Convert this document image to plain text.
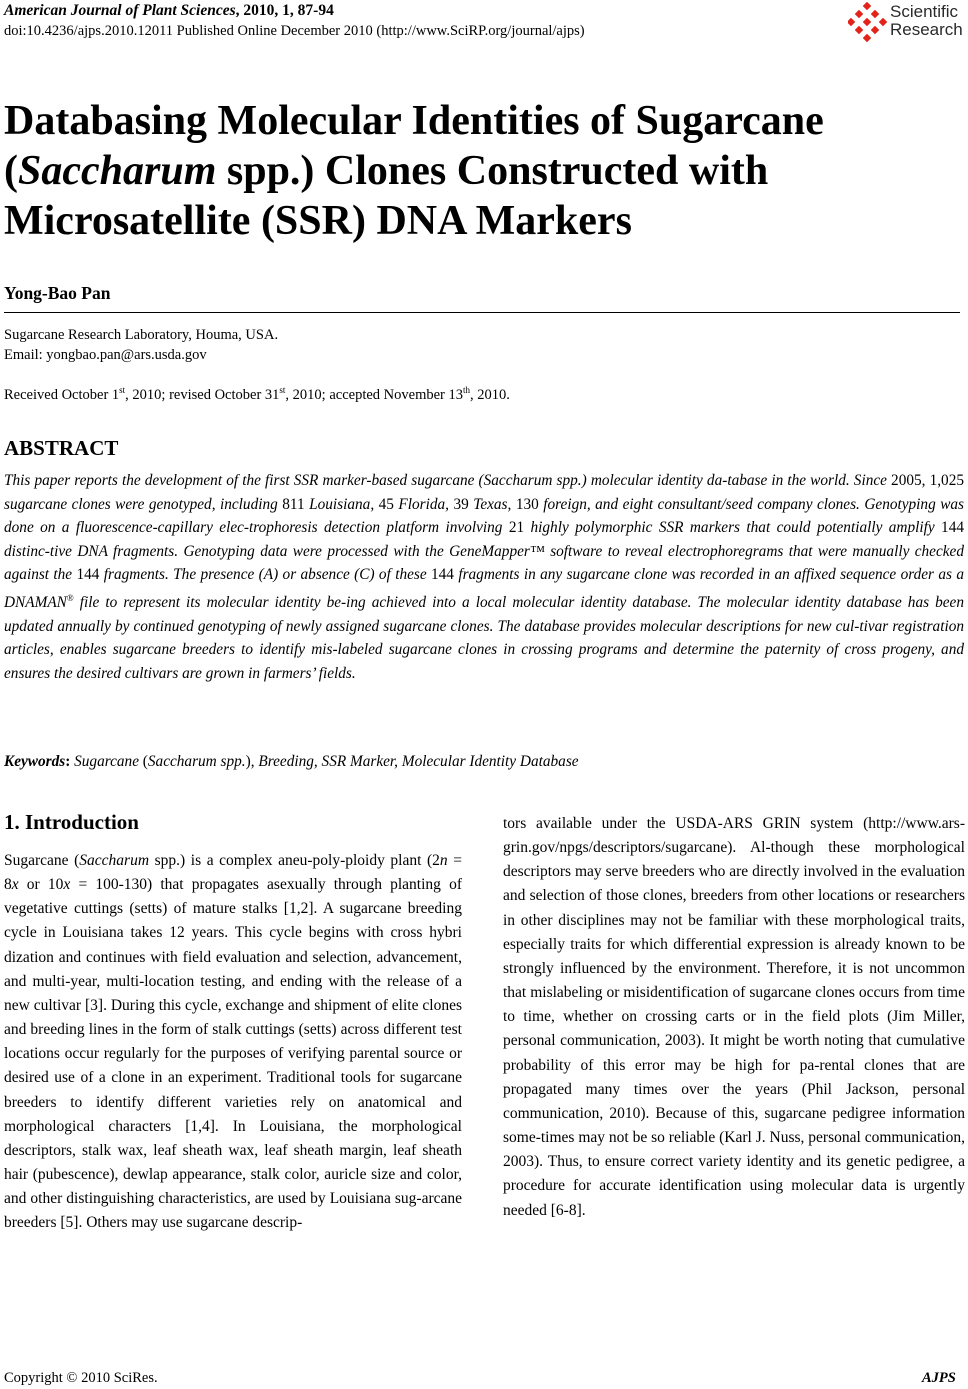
American Journal of Plant Sciences, 2010, 1, 87-94
doi:10.4236/ajps.2010.12011 Published Online December 2010 (http://www.SciRP.org/journal/ajps)
Scientific
Research
Databasing Molecular Identities of Sugarcane (Saccharum spp.) Clones Constructed with Microsatellite (SSR) DNA Markers
Yong-Bao Pan
Sugarcane Research Laboratory, Houma, USA.
Email: yongbao.pan@ars.usda.gov
Received October 1st, 2010; revised October 31st, 2010; accepted November 13th, 2010.
ABSTRACT

This paper reports the development of the first SSR marker-based sugarcane (Saccharum spp.) molecular identity da-tabase in the world. Since 2005, 1,025 sugarcane clones were genotyped, including 811 Louisiana, 45 Florida, 39 Texas, 130 foreign, and eight consultant/seed company clones. Genotyping was done on a fluorescence-capillary elec-trophoresis detection platform involving 21 highly polymorphic SSR markers that could potentially amplify 144 distinc-tive DNA fragments. Genotyping data were processed with the GeneMapper™ software to reveal electrophoregrams that were manually checked against the 144 fragments. The presence (A) or absence (C) of these 144 fragments in any sugarcane clone was recorded in an affixed sequence order as a DNAMAN® file to represent its molecular identity be-ing achieved into a local molecular identity database. The molecular identity database has been updated annually by continued genotyping of newly assigned sugarcane clones. The database provides molecular descriptions for new cul-tivar registration articles, enables sugarcane breeders to identify mis-labeled sugarcane clones in crossing programs and determine the paternity of cross progeny, and ensures the desired cultivars are grown in farmers’ fields.

Keywords: Sugarcane (Saccharum spp.), Breeding, SSR Marker, Molecular Identity Database
1. Introduction

Sugarcane (Saccharum spp.) is a complex aneu-poly-ploidy plant (2n = 8x or 10x = 100-130) that propagates asexually through planting of vegetative cuttings (setts) of mature stalks [1,2]. A sugarcane breeding cycle in Louisiana takes 12 years. This cycle begins with cross hybri dization and continues with field evaluation and selection, advancement, and multi-year, multi-location testing, and ending with the release of a new cultivar [3]. During this cycle, exchange and shipment of elite clones and breeding lines in the form of stalk cuttings (setts) across different test locations occur regularly for the purposes of verifying parental source or desired use of a clone in an experiment. Traditional tools for sugarcane breeders to identify different varieties rely on anatomical and morphological characters [1,4]. In Louisiana, the morphological descriptors, stalk wax, leaf sheath wax, leaf sheath margin, leaf sheath hair (pubescence), dewlap appearance, stalk color, auricle size and color, and other distinguishing characteristics, are used by Louisiana sug-arcane breeders [5]. Others may use sugarcane descrip-

tors available under the USDA-ARS GRIN system (http://www.ars-grin.gov/npgs/descriptors/sugarcane). Al-though these morphological descriptors may serve breeders who are directly involved in the evaluation and selection of those clones, breeders from other locations or researchers in other disciplines may not be familiar with these morphological traits, especially traits for which differential expression is already known to be strongly influenced by the environment. Therefore, it is not uncommon that mislabeling or misidentification of sugarcane clones occurs from time to time, whether on crossing carts or in the field plots (Jim Miller, personal communication, 2003). It might be worth noting that cumulative probability of this error may be high for pa-rental clones that are propagated many times over the years (Phil Jackson, personal communication, 2010). Because of this, sugarcane pedigree information some-times may not be so reliable (Karl J. Nuss, personal communication, 2003). Thus, to ensure correct variety identity and its genetic pedigree, a procedure for accurate identification using molecular data is urgently needed [6-8].

Copyright © 2010 SciRes.	AJPS
